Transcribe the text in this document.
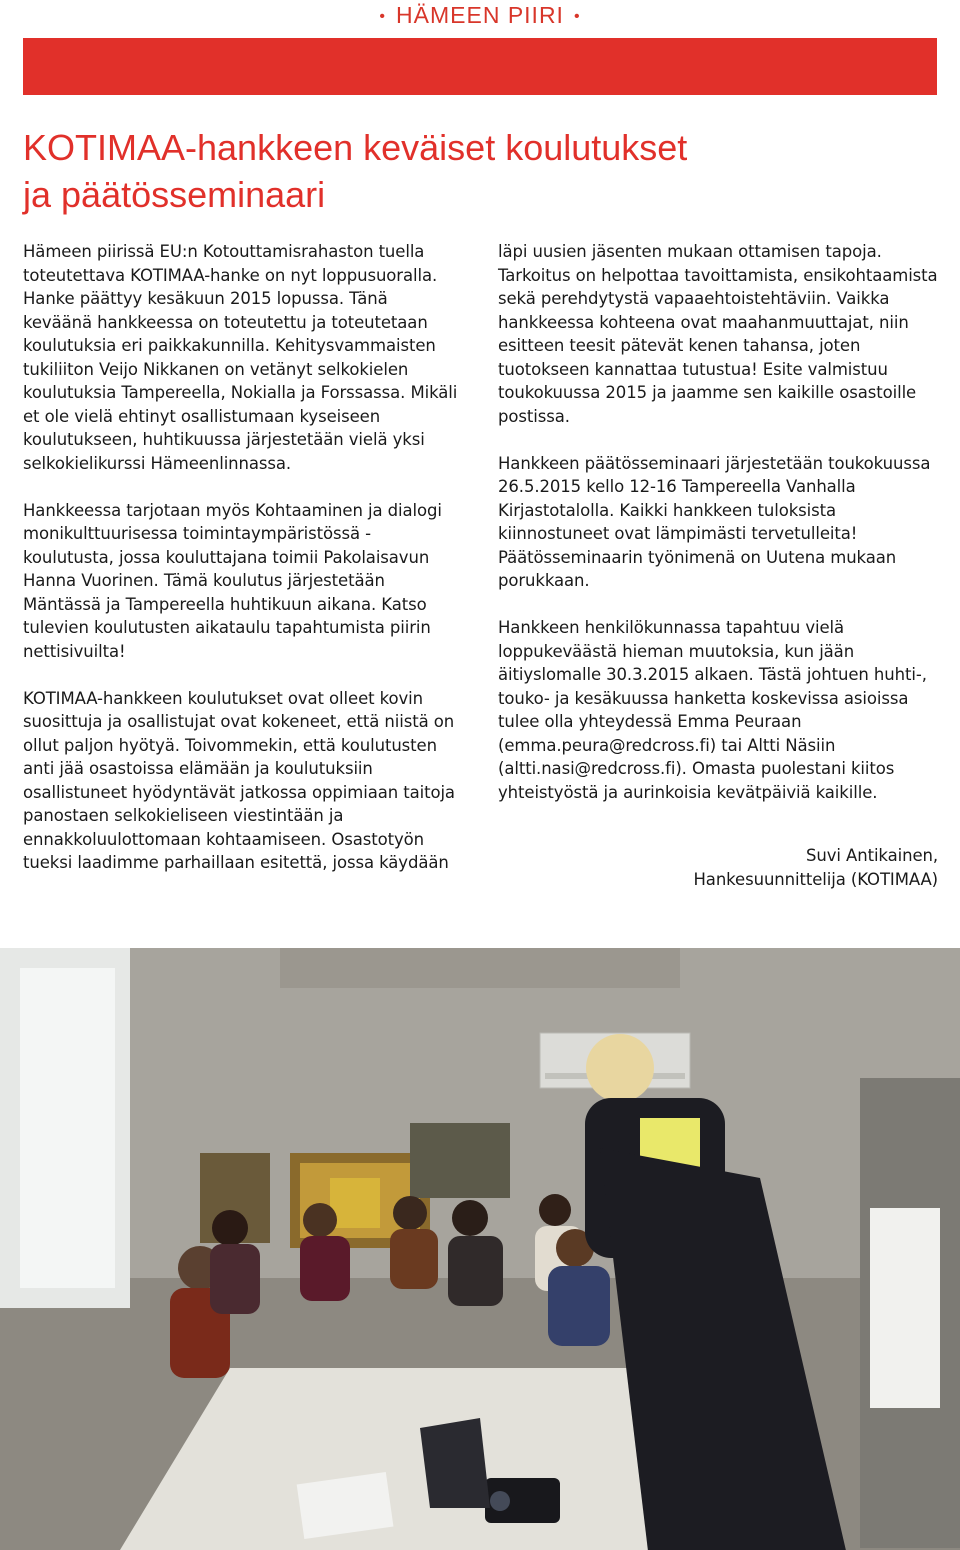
• HÄMEEN PIIRI •
KOTIMAA-hankkeen keväiset koulutukset
ja päätösseminaari

Hämeen piirissä EU:n Kotouttamisrahaston tuella toteutettava KOTIMAA-hanke on nyt loppusuoralla. Hanke päättyy kesäkuun 2015 lopussa. Tänä keväänä hankkeessa on toteutettu ja toteutetaan koulutuksia eri paikkakunnilla. Kehitysvammaisten tukiliiton Veijo Nikkanen on vetänyt selkokielen koulutuksia Tampereella, Nokialla ja Forssassa. Mikäli et ole vielä ehtinyt osallistumaan kyseiseen koulutukseen, huhtikuussa järjestetään vielä yksi selkokielikurssi Hämeenlinnassa.

Hankkeessa tarjotaan myös Kohtaaminen ja dialogi monikulttuurisessa toimintaympäristössä -koulutusta, jossa kouluttajana toimii Pakolaisavun Hanna Vuorinen. Tämä koulutus järjestetään Mäntässä ja Tampereella huhtikuun aikana. Katso tulevien koulutusten aikataulu tapahtumista piirin nettisivuilta!

KOTIMAA-hankkeen koulutukset ovat olleet kovin suosittuja ja osallistujat ovat kokeneet, että niistä on ollut paljon hyötyä. Toivommekin, että koulutusten anti jää osastoissa elämään ja koulutuksiin osallistuneet hyödyntävät jatkossa oppimiaan taitoja panostaen selkokieliseen viestintään ja ennakkoluulottomaan kohtaamiseen. Osastotyön tueksi laadimme parhaillaan esitettä, jossa käydään

läpi uusien jäsenten mukaan ottamisen tapoja. Tarkoitus on helpottaa tavoittamista, ensikohtaamista sekä perehdytystä vapaaehtoistehtäviin. Vaikka hankkeessa kohteena ovat maahanmuuttajat, niin esitteen teesit pätevät kenen tahansa, joten tuotokseen kannattaa tutustua! Esite valmistuu toukokuussa 2015 ja jaamme sen kaikille osastoille postissa.

Hankkeen päätösseminaari järjestetään toukokuussa 26.5.2015 kello 12-16 Tampereella Vanhalla Kirjastotalolla. Kaikki hankkeen tuloksista kiinnostuneet ovat lämpimästi tervetulleita! Päätösseminaarin työnimenä on Uutena mukaan porukkaan.

Hankkeen henkilökunnassa tapahtuu vielä loppukeväästä hieman muutoksia, kun jään äitiyslomalle 30.3.2015 alkaen. Tästä johtuen huhti-, touko- ja kesäkuussa hanketta koskevissa asioissa tulee olla yhteydessä Emma Peuraan (emma.peura@redcross.fi) tai Altti Näsiin (altti.nasi@redcross.fi). Omasta puolestani kiitos yhteistyöstä ja aurinkoisia kevätpäiviä kaikille.

Suvi Antikainen,
Hankesuunnittelija (KOTIMAA)
